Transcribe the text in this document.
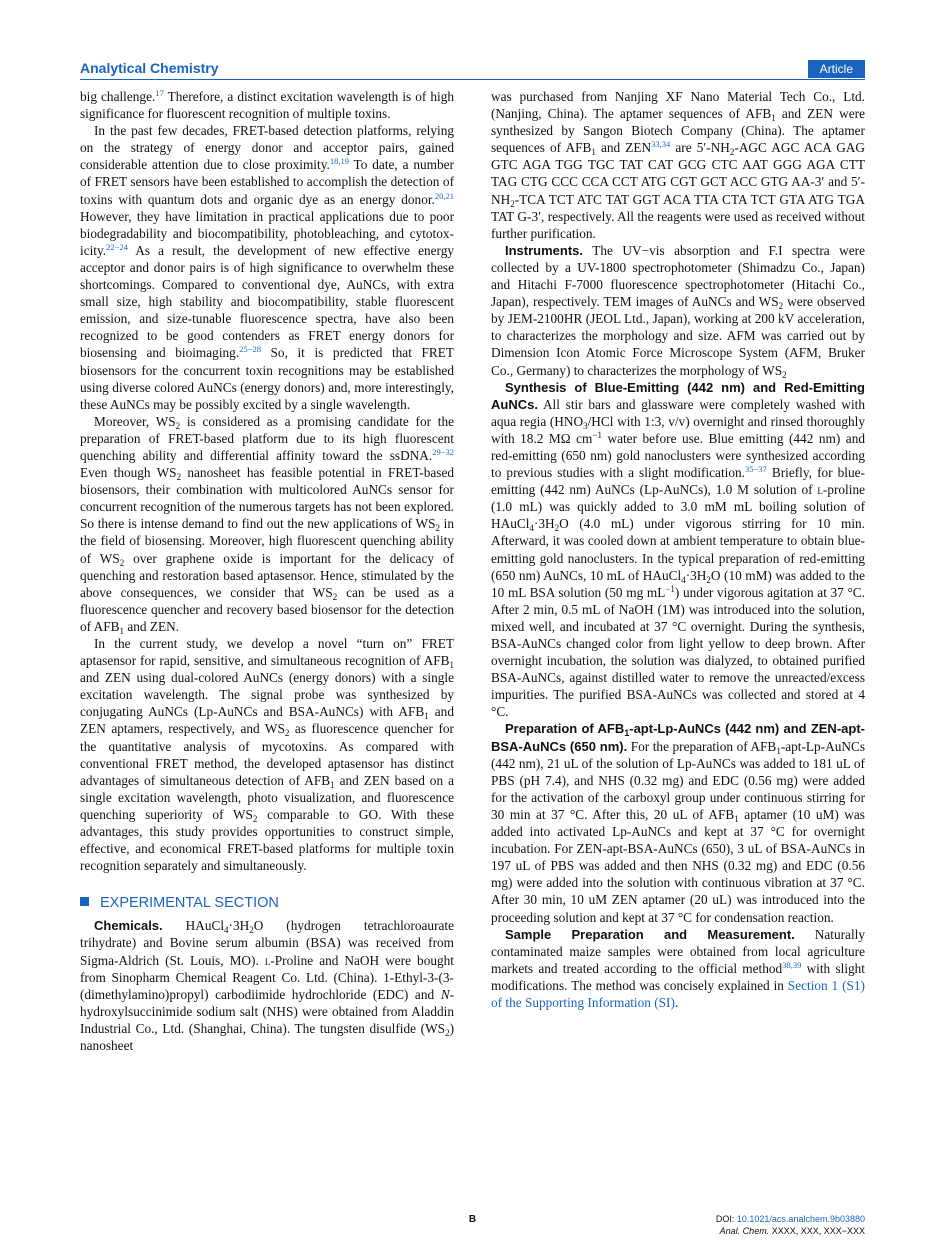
Analytical Chemistry	Article

big challenge.$^{17}$ Therefore, a distinct excitation wavelength is of high significance for fluorescent recognition of multiple toxins.

In the past few decades, FRET-based detection platforms, relying on the strategy of energy donor and acceptor pairs, gained considerable attention due to close proximity.$^{18,19}$ To date, a number of FRET sensors have been established to accomplish the detection of toxins with quantum dots and organic dye as an energy donor.$^{20,21}$ However, they have limitation in practical applications due to poor biodegradability and biocompatibility, photobleaching, and cytotoxicity.$^{22-24}$ As a result, the development of new effective energy acceptor and donor pairs is of high significance to overwhelm these shortcomings. Compared to conventional dye, AuNCs, with extra small size, high stability and biocompatibility, stable fluorescent emission, and size-tunable fluorescence spectra, have also been recognized to be good contenders as FRET energy donors for biosensing and bioimaging.$^{25-28}$ So, it is predicted that FRET biosensors for the concurrent toxin recognitions may be established using diverse colored AuNCs (energy donors) and, more interestingly, these AuNCs may be possibly excited by a single wavelength.

Moreover, $WS_2$ is considered as a promising candidate for the preparation of FRET-based platform due to its high fluorescent quenching ability and differential affinity toward the ssDNA.$^{29-32}$ Even though $WS_2$ nanosheet has feasible potential in FRET-based biosensors, their combination with multicolored AuNCs sensor for concurrent recognition of the numerous targets has not been explored. So there is intense demand to find out the new applications of $WS_2$ in the field of biosensing. Moreover, high fluorescent quenching ability of $WS_2$ over graphene oxide is important for the delicacy of quenching and restoration based aptasensor. Hence, stimulated by the above consequences, we consider that $WS_2$ can be used as a fluorescence quencher and recovery based biosensor for the detection of $AFB_1$ and ZEN.

In the current study, we develop a novel “turn on” FRET aptasensor for rapid, sensitive, and simultaneous recognition of $AFB_1$ and ZEN using dual-colored AuNCs (energy donors) with a single excitation wavelength. The signal probe was synthesized by conjugating AuNCs (Lp-AuNCs and BSA-AuNCs) with $AFB_1$ and ZEN aptamers, respectively, and $WS_2$ as fluorescence quencher for the quantitative analysis of mycotoxins. As compared with conventional FRET method, the developed aptasensor has distinct advantages of simultaneous detection of $AFB_1$ and ZEN based on a single excitation wavelength, photo visualization, and fluorescence quenching superiority of $WS_2$ comparable to GO. With these advantages, this study provides opportunities to construct simple, effective, and economical FRET-based platforms for multiple toxin recognition separately and simultaneously.

EXPERIMENTAL SECTION

Chemicals. $HAuCl_4\cdot 3H_2O$ (hydrogen tetrachloroaurate trihydrate) and Bovine serum albumin (BSA) was received from Sigma-Aldrich (St. Louis, MO). l-Proline and NaOH were bought from Sinopharm Chemical Reagent Co. Ltd. (China). 1-Ethyl-3-(3-(dimethylamino)propyl) carbodiimide hydrochloride (EDC) and N-hydroxylsuccinimide sodium salt (NHS) were obtained from Aladdin Industrial Co., Ltd. (Shanghai, China). The tungsten disulfide $(WS_2)$ nanosheet

was purchased from Nanjing XF Nano Material Tech Co., Ltd. (Nanjing, China). The aptamer sequences of $AFB_1$ and ZEN were synthesized by Sangon Biotech Company (China). The aptamer sequences of $AFB_1$ and ZEN$^{33,34}$ are $5'-NH_2$-AGC AGC ACA GAG GTC AGA TGG TGC TAT CAT GCG CTC AAT GGG AGA CTT TAG CTG CCC CCA CCT ATG CGT GCT ACC GTG AA-3′ and $5'-NH_2$-TCA TCT ATC TAT GGT ACA TTA CTA TCT GTA ATG TGA TAT G-3′, respectively. All the reagents were used as received without further purification.

Instruments. The UV−vis absorption and F.I spectra were collected by a UV-1800 spectrophotometer (Shimadzu Co., Japan) and Hitachi F-7000 fluorescence spectrophotometer (Hitachi Co., Japan), respectively. TEM images of AuNCs and $WS_2$ were observed by JEM-2100HR (JEOL Ltd., Japan), working at 200 kV acceleration, to characterizes the morphology and size. AFM was carried out by Dimension Icon Atomic Force Microscope System (AFM, Bruker Co., Germany) to characterizes the morphology of $WS_2$

Synthesis of Blue-Emitting (442 nm) and Red-Emitting AuNCs. All stir bars and glassware were completely washed with aqua regia ($HNO_3$/HCl with 1:3, v/v) overnight and rinsed thoroughly with 18.2 MΩ $cm^{-1}$ water before use. Blue emitting (442 nm) and red-emitting (650 nm) gold nanoclusters were synthesized according to previous studies with a slight modification.$^{35-37}$ Briefly, for blue-emitting (442 nm) AuNCs (Lp-AuNCs), 1.0 M solution of l-proline (1.0 mL) was quickly added to 3.0 mM mL boiling solution of $HAuCl_4\cdot 3H_2O$ (4.0 mL) under vigorous stirring for 10 min. Afterward, it was cooled down at ambient temperature to obtain blue-emitting gold nanoclusters. In the typical preparation of red-emitting (650 nm) AuNCs, 10 mL of $HAuCl_4\cdot 3H_2O$ (10 mM) was added to the 10 mL BSA solution (50 mg $mL^{-1}$) under vigorous agitation at 37 °C. After 2 min, 0.5 mL of NaOH (1M) was introduced into the solution, mixed well, and incubated at 37 °C overnight. During the synthesis, BSA-AuNCs changed color from light yellow to deep brown. After overnight incubation, the solution was dialyzed, to obtained purified BSA-AuNCs, against distilled water to remove the unreacted/excess impurities. The purified BSA-AuNCs was collected and stored at 4 °C.

Preparation of $AFB_1-apt-Lp$-AuNCs (442 nm) and ZEN-apt-BSA-AuNCs (650 nm). For the preparation of $AFB_1-apt-Lp$-AuNCs (442 nm), 21 uL of the solution of Lp-AuNCs was added to 181 uL of PBS (pH 7.4), and NHS (0.32 mg) and EDC (0.56 mg) were added for the activation of the carboxyl group under continuous stirring for 30 min at 37 °C. After this, 20 uL of $AFB_1$ aptamer (10 uM) was added into activated Lp-AuNCs and kept at 37 °C for overnight incubation. For ZEN-apt-BSA-AuNCs (650), 3 uL of BSA-AuNCs in 197 uL of PBS was added and then NHS (0.32 mg) and EDC (0.56 mg) were added into the solution with continuous vibration at 37 °C. After 30 min, 10 uM ZEN aptamer (20 uL) was introduced into the proceeding solution and kept at 37 °C for condensation reaction.

Sample Preparation and Measurement. Naturally contaminated maize samples were obtained from local agriculture markets and treated according to the official method$^{38,39}$ with slight modifications. The method was concisely explained in Section 1 (S1) of the Supporting Information (SI).

B	DOI: 10.1021/acs.analchem.9b03880
Anal. Chem. XXXX, XXX, XXX−XXX
